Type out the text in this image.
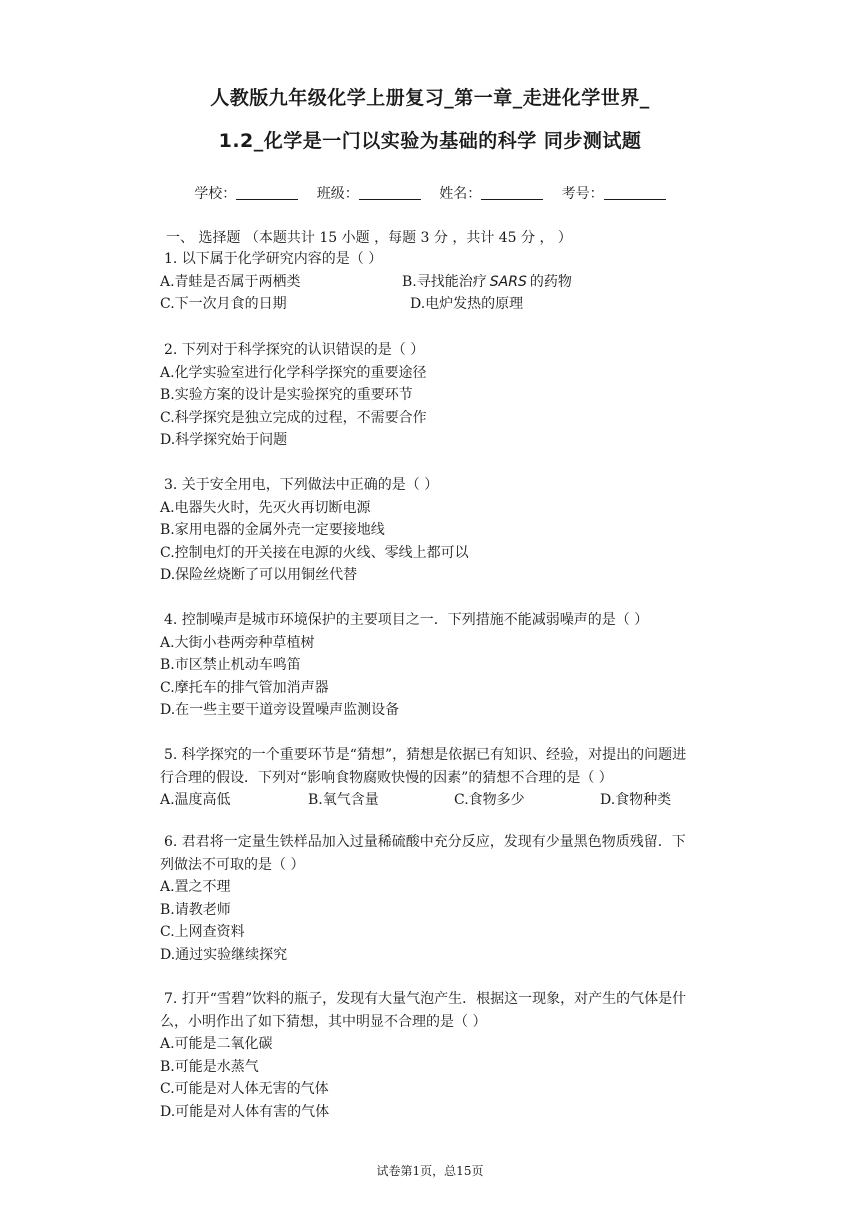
人教版九年级化学上册复习_第一章_走进化学世界_
1.2_化学是一门以实验为基础的科学 同步测试题
学校：	班级：	姓名：	考号：
一、 选择题 （本题共计 15 小题 ，每题 3 分 ，共计 45 分 ， ）
1. 以下属于化学研究内容的是（ ）
A.青蛙是否属于两栖类	B.寻找能治疗 SARS 的药物
C.下一次月食的日期	D.电炉发热的原理
2. 下列对于科学探究的认识错误的是（ ）
A.化学实验室进行化学科学探究的重要途径
B.实验方案的设计是实验探究的重要环节
C.科学探究是独立完成的过程，不需要合作
D.科学探究始于问题
3. 关于安全用电，下列做法中正确的是（ ）
A.电器失火时，先灭火再切断电源
B.家用电器的金属外壳一定要接地线
C.控制电灯的开关接在电源的火线、零线上都可以
D.保险丝烧断了可以用铜丝代替
4. 控制噪声是城市环境保护的主要项目之一．下列措施不能减弱噪声的是（ ）
A.大街小巷两旁种草植树
B.市区禁止机动车鸣笛
C.摩托车的排气管加消声器
D.在一些主要干道旁设置噪声监测设备
5. 科学探究的一个重要环节是“猜想”，猜想是依据已有知识、经验，对提出的问题进
行合理的假设．下列对“影响食物腐败快慢的因素”的猜想不合理的是（ ）
A.温度高低	B.氧气含量	C.食物多少	D.食物种类
6. 君君将一定量生铁样品加入过量稀硫酸中充分反应，发现有少量黑色物质残留．下
列做法不可取的是（ ）
A.置之不理
B.请教老师
C.上网查资料
D.通过实验继续探究
7. 打开“雪碧”饮料的瓶子，发现有大量气泡产生．根据这一现象，对产生的气体是什
么，小明作出了如下猜想，其中明显不合理的是（ ）
A.可能是二氧化碳
B.可能是水蒸气
C.可能是对人体无害的气体
D.可能是对人体有害的气体
试卷第1页，总15页
